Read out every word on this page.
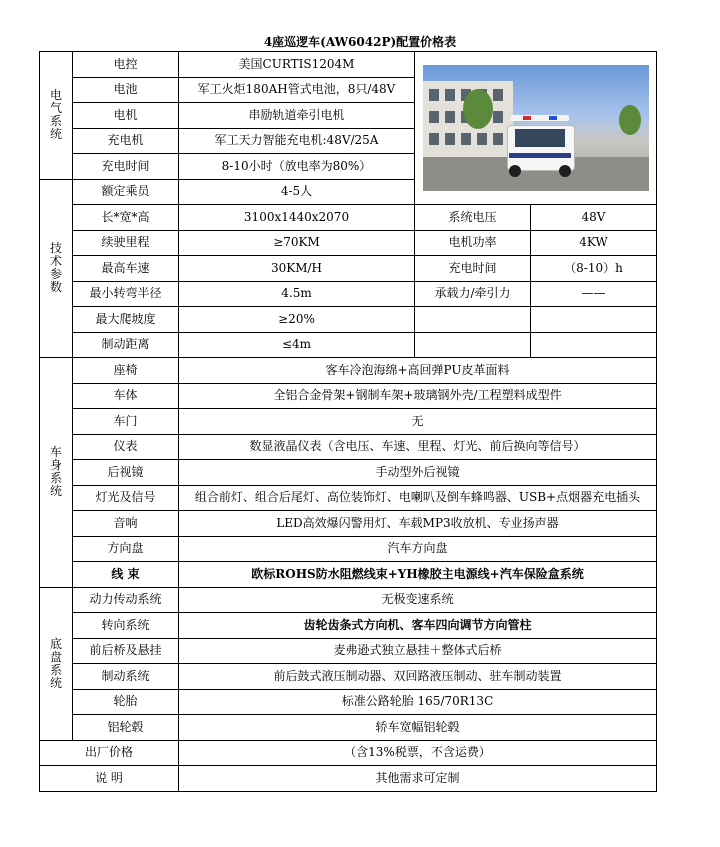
4座巡逻车(AW6042P)配置价格表
电
气
系
统	电控	美国CURTIS1204M		

	电池	军工火炬180AH管式电池，8只/48V		
	电机	串励轨道牵引电机		
	充电机	军工天力智能充电机:48V/25A		
	充电时间	8-10小时（放电率为80%）		

技
术
参
数	额定乘员	4-5人		
	长*宽*高	3100x1440x2070	系统电压	48V
	续驶里程	≥70KM	电机功率	4KW
	最高车速	30KM/H	充电时间	（8-10）h
	最小转弯半径	4.5m	承载力/牵引力	——
	最大爬坡度	≥20%		
	制动距离	≤4m		

车
身
系
统	座椅	客车冷泡海绵+高回弹PU皮革面料		
	车体	全铝合金骨架+钢制车架+玻璃钢外壳/工程塑料成型件		
	车门	无		
	仪表	数显液晶仪表（含电压、车速、里程、灯光、前后换向等信号）		
	后视镜	手动型外后视镜		
	灯光及信号	组合前灯、组合后尾灯、高位装饰灯、电喇叭及倒车蜂鸣器、USB+点烟器充电插头		
	音响	LED高效爆闪警用灯、车载MP3收放机、专业扬声器		
	方向盘	汽车方向盘		
	线 束	欧标ROHS防水阻燃线束+YH橡胶主电源线+汽车保险盒系统		

底
盘
系
统	动力传动系统	无极变速系统		
	转向系统	齿轮齿条式方向机、客车四向调节方向管柱		
	前后桥及悬挂	麦弗逊式独立悬挂＋整体式后桥		
	制动系统	前后鼓式液压制动器、双回路液压制动、驻车制动装置		
	轮胎	标准公路轮胎 165/70R13C		
	铝轮毂	轿车宽幅铝轮毂		
出厂价格		（含13%税票，不含运费）		
说 明		其他需求可定制		
